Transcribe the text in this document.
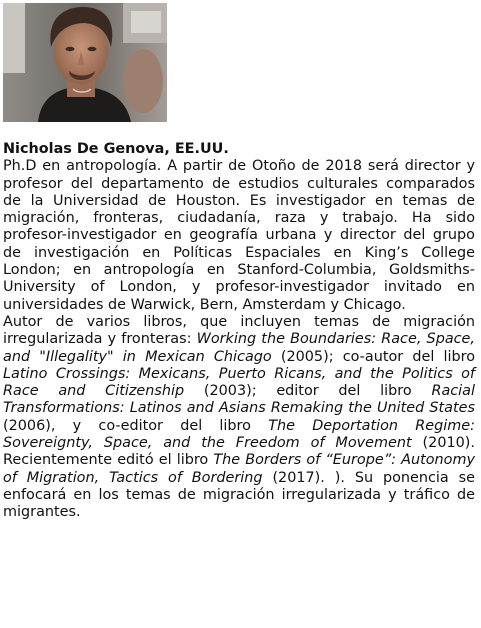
Nicholas De Genova, EE.UU.

Ph.D en antropología. A partir de Otoño de 2018 será director y profesor del departamento de estudios culturales comparados de la Universidad de Houston. Es investigador en temas de migración, fronteras, ciudadanía, raza y trabajo. Ha sido profesor-investigador en geografía urbana y director del grupo de investigación en Políticas Espaciales en King’s College London; en antropología en Stanford-Columbia, Goldsmiths-University of London, y profesor-investigador invitado en universidades de Warwick, Bern, Amsterdam y Chicago.

Autor de varios libros, que incluyen temas de migración irregularizada y fronteras: Working the Boundaries: Race, Space, and "Illegality" in Mexican Chicago (2005); co-autor del libro Latino Crossings: Mexicans, Puerto Ricans, and the Politics of Race and Citizenship (2003); editor del libro Racial Transformations: Latinos and Asians Remaking the United States (2006), y co-editor del libro The Deportation Regime: Sovereignty, Space, and the Freedom of Movement (2010). Recientemente editó el libro The Borders of “Europe”: Autonomy of Migration, Tactics of Bordering (2017). ). Su ponencia se enfocará en los temas de migración irregularizada y tráfico de migrantes.
